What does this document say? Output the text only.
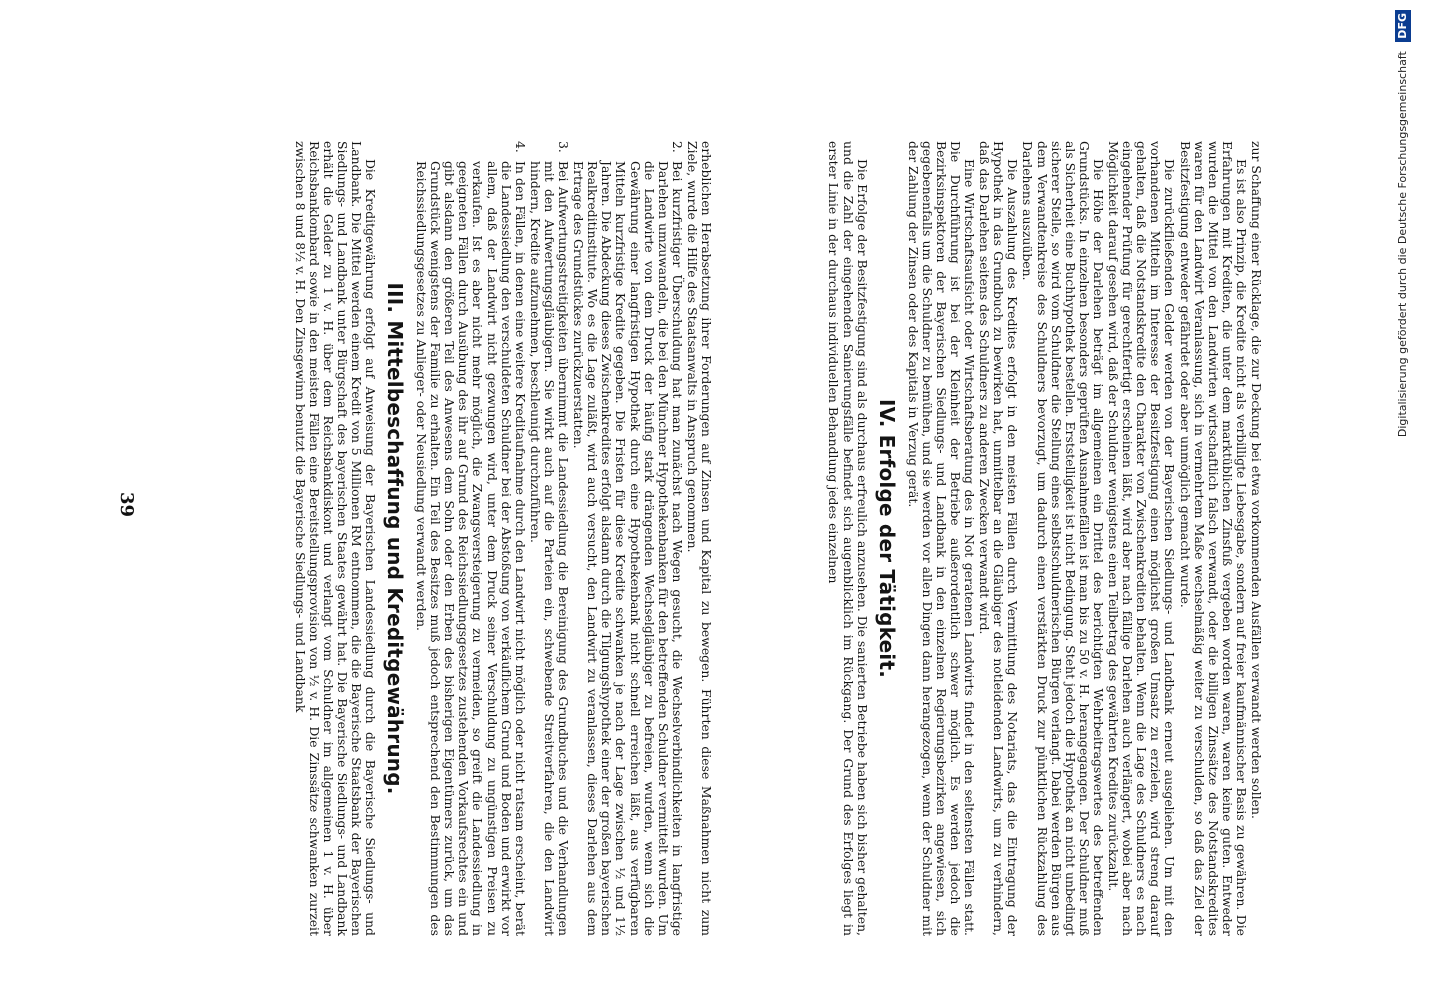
erheblichen Herabsetzung ihrer Forderungen auf Zinsen und Kapital zu bewegen. Führten diese Maßnahmen nicht zum Ziele, wurde die Hilfe des Staatsanwalts in Anspruch genommen.

2.
Bei kurzfristiger Überschuldung hat man zunächst nach Wegen gesucht, die Wechselverbindlichkeiten in langfristige Darlehen umzuwandeln, die bei den Münchner Hypothekenbanken für den betreffenden Schuldner vermittelt wurden. Um die Landwirte von dem Druck der häufig stark drängenden Wechselgläubiger zu befreien, wurden, wenn sich die Gewährung einer langfristigen Hypothek durch eine Hypothekenbank nicht schnell erreichen läßt, aus verfügbaren Mitteln kurzfristige Kredite gegeben. Die Fristen für diese Kredite schwanken je nach der Lage zwischen ½ und 1½ Jahren. Die Abdeckung dieses Zwischenkredites erfolgt alsdann durch die Tilgungshypothek einer der großen bayerischen Realkreditinstitute. Wo es die Lage zuläßt, wird auch versucht, den Landwirt zu veranlassen, dieses Darlehen aus dem Ertrage des Grundstückes zurückzuerstatten.
3.
Bei Aufwertungsstreitigkeiten übernimmt die Landessiedlung die Bereinigung des Grundbuches und die Verhandlungen mit den Aufwertungsgläubigern. Sie wirkt auch auf die Parteien ein, schwebende Streitverfahren, die den Landwirt hindern, Kredite aufzunehmen, beschleunigt durchzuführen.
4.
In den Fällen, in denen eine weitere Kreditaufnahme durch den Landwirt nicht möglich oder nicht ratsam erscheint, berät die Landessiedlung den verschuldeten Schuldner bei der Abstoßung von verkäuflichem Grund und Boden und erwirkt vor allem, daß der Landwirt nicht gezwungen wird, unter dem Druck seiner Verschuldung zu ungünstigen Preisen zu verkaufen. Ist es aber nicht mehr möglich, die Zwangsversteigerung zu vermeiden, so greift die Landessiedlung in geeigneten Fällen durch Ausübung des ihr auf Grund des Reichssiedlungsgesetzes zustehenden Vorkaufsrechtes ein und gibt alsdann den größeren Teil des Anwesens dem Sohn oder den Erben des bisherigen Eigentümers zurück, um das Grundstück wenigstens der Familie zu erhalten. Ein Teil des Besitzes muß jedoch entsprechend den Bestimmungen des Reichssiedlungsgesetzes zu Anlieger- oder Neusiedlung verwandt werden.
III. Mittelbeschaffung und Kreditgewährung.

Die Kreditgewährung erfolgt auf Anweisung der Bayerischen Landessiedlung durch die Bayerische Siedlungs- und Landbank. Die Mittel werden einem Kredit von 5 Millionen RM entnommen, die die Bayerische Staatsbank der Bayerischen Siedlungs- und Landbank unter Bürgschaft des bayerischen Staates gewährt hat. Die Bayerische Siedlungs- und Landbank erhält die Gelder zu 1 v. H. über dem Reichsbankdiskont und verlangt vom Schuldner im allgemeinen 1 v. H. über Reichsbanklombard sowie in den meisten Fällen eine Bereitstellungsprovision von ½ v. H. Die Zinssätze schwanken zurzeit zwischen 8 und 8½ v. H. Den Zinsgewinn benutzt die Bayerische Siedlungs- und Landbank

39	zur Schaffung einer Rücklage, die zur Deckung bei etwa vorkommenden Ausfällen verwandt werden sollen.

Es ist also Prinzip, die Kredite nicht als verbilligte Liebesgabe, sondern auf freier kaufmännischer Basis zu gewähren. Die Erfahrungen mit Krediten, die unter dem marktüblichen Zinsfuß vergeben worden waren, waren keine guten. Entweder wurden die Mittel von den Landwirten wirtschaftlich falsch verwandt, oder die billigen Zinssätze des Notstandskredites waren für den Landwirt Veranlassung, sich in vermehrtem Maße wechselmäßig weiter zu verschulden, so daß das Ziel der Besitzfestigung entweder gefährdet oder aber unmöglich gemacht wurde.

Die zurückfließenden Gelder werden von der Bayerischen Siedlungs- und Landbank erneut ausgeliehen. Um mit den vorhandenen Mitteln im Interesse der Besitzfestigung einen möglichst großen Umsatz zu erzielen, wird streng darauf gehalten, daß die Notstandskredite den Charakter von Zwischenkrediten behalten. Wenn die Lage des Schuldners es nach eingehender Prüfung für gerechtfertigt erscheinen läßt, wird aber nach fällige Darlehen auch verlängert, wobei aber nach Möglichkeit darauf gesehen wird, daß der Schuldner wenigstens einen Teilbetrag des gewährten Kredites zurückzahlt.

Die Höhe der Darlehen beträgt im allgemeinen ein Drittel des berichtigten Wehrbeitragswertes des betreffenden Grundstücks. In einzelnen besonders geprüften Ausnahmefällen ist man bis zu 50 v. H. herangegangen. Der Schuldner muß als Sicherheit eine Buchhypothek bestellen. Erststelligkeit ist nicht Bedingung. Steht jedoch die Hypothek an nicht unbedingt sicherer Stelle, so wird vom Schuldner die Stellung eines selbstschuldnerischen Bürgen verlangt. Dabei werden Bürgen aus dem Verwandtenkreise des Schuldners bevorzugt, um dadurch einen verstärkten Druck zur pünktlichen Rückzahlung des Darlehens auszuüben.

Die Auszahlung des Kredites erfolgt in den meisten Fällen durch Vermittlung des Notariats, das die Eintragung der Hypothek in das Grundbuch zu bewirken hat, unmittelbar an die Gläubiger des notleidenden Landwirts, um zu verhindern, daß das Darlehen seitens des Schuldners zu anderen Zwecken verwandt wird.

Eine Wirtschaftsaufsicht oder Wirtschaftsberatung des in Not geratenen Landwirts findet in den seltensten Fällen statt. Die Durchführung ist bei der Kleinheit der Betriebe außerordentlich schwer möglich. Es werden jedoch die Bezirksinspektoren der Bayerischen Siedlungs- und Landbank in den einzelnen Regierungsbezirken angewiesen, sich gegebenenfalls um die Schuldner zu bemühen, und sie werden vor allen Dingen dann herangezogen, wenn der Schuldner mit der Zahlung der Zinsen oder des Kapitals in Verzug gerät.

IV. Erfolge der Tätigkeit.

Die Erfolge der Besitzfestigung sind als durchaus erfreulich anzusehen. Die sanierten Betriebe haben sich bisher gehalten, und die Zahl der eingehenden Sanierungsfälle befindet sich augenblicklich im Rückgang. Der Grund des Erfolges liegt in erster Linie in der durchaus individuellen Behandlung jedes einzelnen	Digitalisierung gefördert durch die Deutsche Forschungsgemeinschaft DFG
